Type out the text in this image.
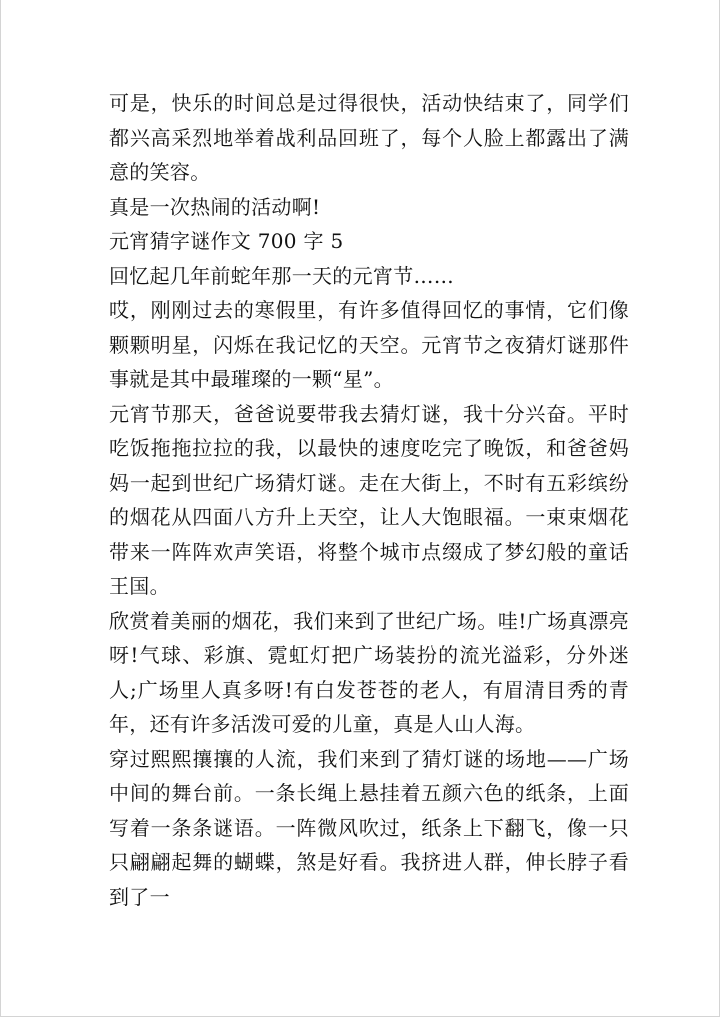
可是，快乐的时间总是过得很快，活动快结束了，同学们都兴高采烈地举着战利品回班了，每个人脸上都露出了满意的笑容。

真是一次热闹的活动啊!

元宵猜字谜作文 700 字 5

回忆起几年前蛇年那一天的元宵节……

哎，刚刚过去的寒假里，有许多值得回忆的事情，它们像颗颗明星，闪烁在我记忆的天空。元宵节之夜猜灯谜那件事就是其中最璀璨的一颗“星”。

元宵节那天，爸爸说要带我去猜灯谜，我十分兴奋。平时吃饭拖拖拉拉的我，以最快的速度吃完了晚饭，和爸爸妈妈一起到世纪广场猜灯谜。走在大街上，不时有五彩缤纷的烟花从四面八方升上天空，让人大饱眼福。一束束烟花带来一阵阵欢声笑语，将整个城市点缀成了梦幻般的童话王国。

欣赏着美丽的烟花，我们来到了世纪广场。哇!广场真漂亮呀!气球、彩旗、霓虹灯把广场装扮的流光溢彩，分外迷人;广场里人真多呀!有白发苍苍的老人，有眉清目秀的青年，还有许多活泼可爱的儿童，真是人山人海。

穿过熙熙攘攘的人流，我们来到了猜灯谜的场地——广场中间的舞台前。一条长绳上悬挂着五颜六色的纸条，上面写着一条条谜语。一阵微风吹过，纸条上下翻飞，像一只只翩翩起舞的蝴蝶，煞是好看。我挤进人群，伸长脖子看到了一
